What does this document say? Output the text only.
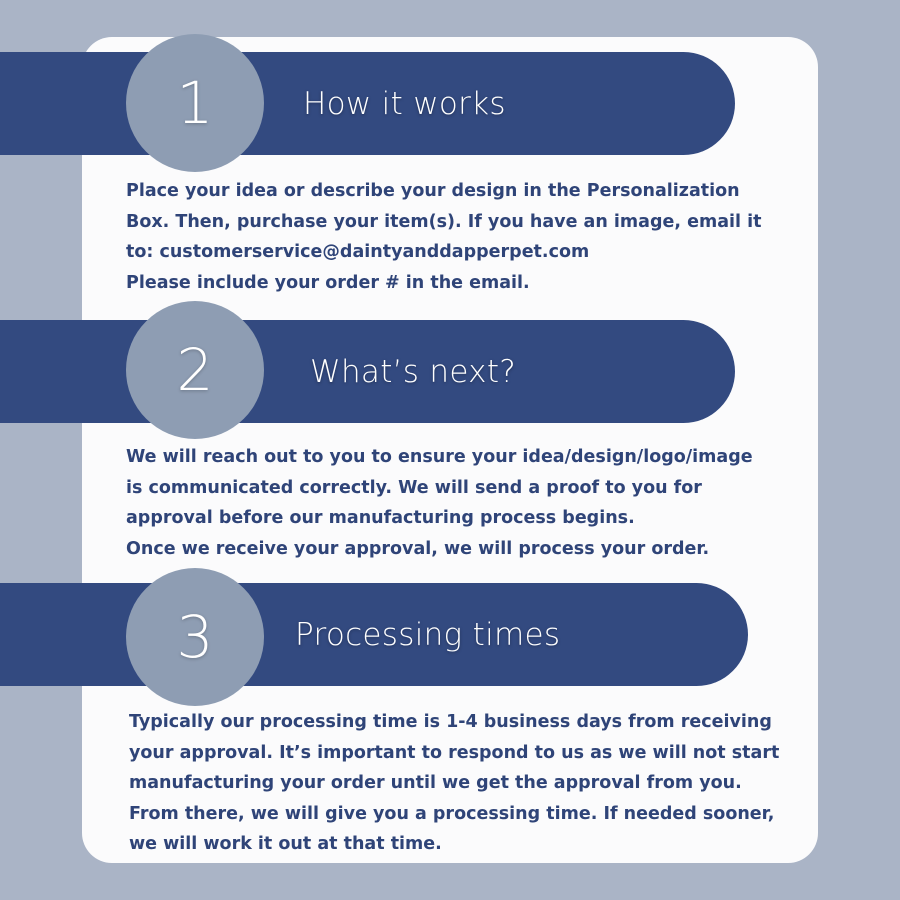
How it works
1
Place your idea or describe your design in the Personalization
Box. Then, purchase your item(s). If you have an image, email it
to: customerservice@daintyanddapperpet.com
Please include your order # in the email.
What’s next?
2
We will reach out to you to ensure your idea/design/logo/image
is communicated correctly. We will send a proof to you for
approval before our manufacturing process begins.
Once we receive your approval, we will process your order.
Processing times
3
Typically our processing time is 1-4 business days from receiving
your approval. It’s important to respond to us as we will not start
manufacturing your order until we get the approval from you.
From there, we will give you a processing time. If needed sooner,
we will work it out at that time.
